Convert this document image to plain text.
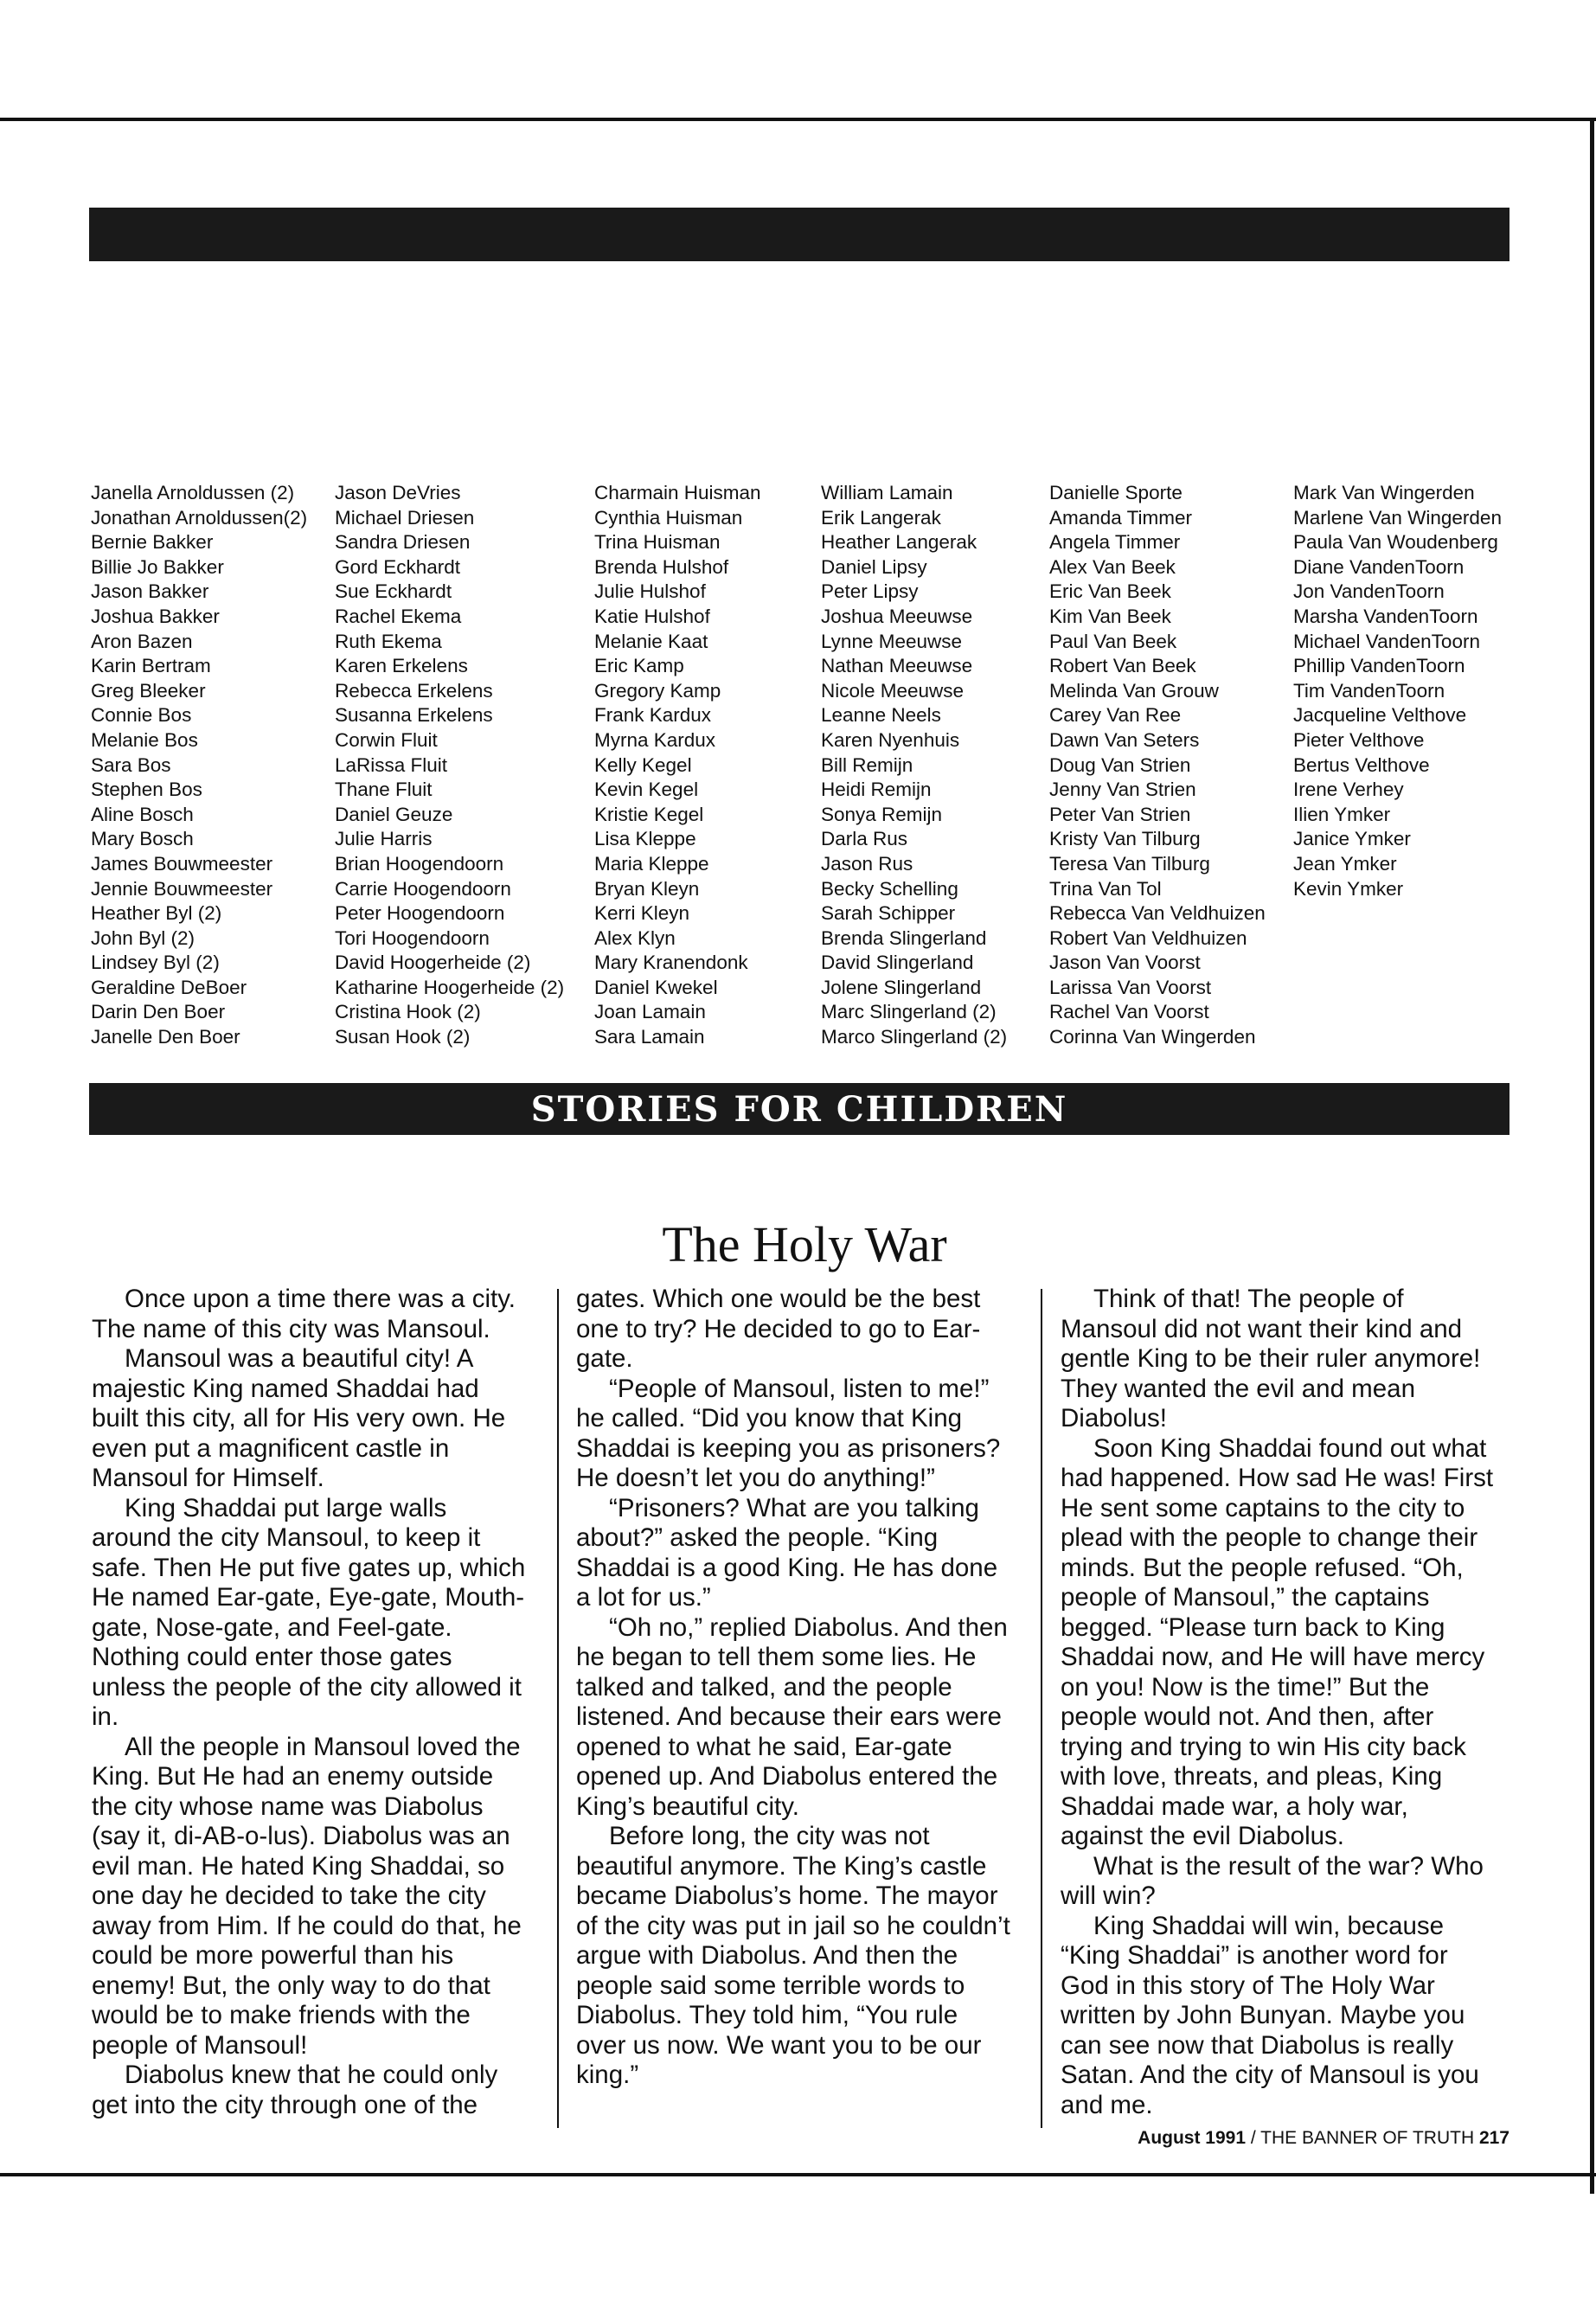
Janella Arnoldussen (2)
Jonathan Arnoldussen(2)
Bernie Bakker
Billie Jo Bakker
Jason Bakker
Joshua Bakker
Aron Bazen
Karin Bertram
Greg Bleeker
Connie Bos
Melanie Bos
Sara Bos
Stephen Bos
Aline Bosch
Mary Bosch
James Bouwmeester
Jennie Bouwmeester
Heather Byl (2)
John Byl (2)
Lindsey Byl (2)
Geraldine DeBoer
Darin Den Boer
Janelle Den Boer
Jason DeVries
Michael Driesen
Sandra Driesen
Gord Eckhardt
Sue Eckhardt
Rachel Ekema
Ruth Ekema
Karen Erkelens
Rebecca Erkelens
Susanna Erkelens
Corwin Fluit
LaRissa Fluit
Thane Fluit
Daniel Geuze
Julie Harris
Brian Hoogendoorn
Carrie Hoogendoorn
Peter Hoogendoorn
Tori Hoogendoorn
David Hoogerheide (2)
Katharine Hoogerheide (2)
Cristina Hook (2)
Susan Hook (2)
Charmain Huisman
Cynthia Huisman
Trina Huisman
Brenda Hulshof
Julie Hulshof
Katie Hulshof
Melanie Kaat
Eric Kamp
Gregory Kamp
Frank Kardux
Myrna Kardux
Kelly Kegel
Kevin Kegel
Kristie Kegel
Lisa Kleppe
Maria Kleppe
Bryan Kleyn
Kerri Kleyn
Alex Klyn
Mary Kranendonk
Daniel Kwekel
Joan Lamain
Sara Lamain
William Lamain
Erik Langerak
Heather Langerak
Daniel Lipsy
Peter Lipsy
Joshua Meeuwse
Lynne Meeuwse
Nathan Meeuwse
Nicole Meeuwse
Leanne Neels
Karen Nyenhuis
Bill Remijn
Heidi Remijn
Sonya Remijn
Darla Rus
Jason Rus
Becky Schelling
Sarah Schipper
Brenda Slingerland
David Slingerland
Jolene Slingerland
Marc Slingerland (2)
Marco Slingerland (2)
Danielle Sporte
Amanda Timmer
Angela Timmer
Alex Van Beek
Eric Van Beek
Kim Van Beek
Paul Van Beek
Robert Van Beek
Melinda Van Grouw
Carey Van Ree
Dawn Van Seters
Doug Van Strien
Jenny Van Strien
Peter Van Strien
Kristy Van Tilburg
Teresa Van Tilburg
Trina Van Tol
Rebecca Van Veldhuizen
Robert Van Veldhuizen
Jason Van Voorst
Larissa Van Voorst
Rachel Van Voorst
Corinna Van Wingerden
Mark Van Wingerden
Marlene Van Wingerden
Paula Van Woudenberg
Diane VandenToorn
Jon VandenToorn
Marsha VandenToorn
Michael VandenToorn
Phillip VandenToorn
Tim VandenToorn
Jacqueline Velthove
Pieter Velthove
Bertus Velthove
Irene Verhey
Ilien Ymker
Janice Ymker
Jean Ymker
Kevin Ymker
STORIES FOR CHILDREN
The Holy War

Once upon a time there was a city. The name of this city was Mansoul.

Mansoul was a beautiful city! A majestic King named Shaddai had built this city, all for His very own. He even put a magnificent castle in Mansoul for Himself.

King Shaddai put large walls around the city Mansoul, to keep it safe. Then He put five gates up, which He named Ear-gate, Eye-gate, Mouth-gate, Nose-gate, and Feel-gate. Nothing could enter those gates unless the people of the city allowed it in.

All the people in Mansoul loved the King. But He had an enemy outside the city whose name was Diabolus (say it, di-AB-o-lus). Diabolus was an evil man. He hated King Shaddai, so one day he decided to take the city away from Him. If he could do that, he could be more powerful than his enemy! But, the only way to do that would be to make friends with the people of Mansoul!

Diabolus knew that he could only get into the city through one of the

gates. Which one would be the best one to try? He decided to go to Ear-gate.

“People of Mansoul, listen to me!” he called. “Did you know that King Shaddai is keeping you as prisoners? He doesn’t let you do anything!”

“Prisoners? What are you talking about?” asked the people. “King Shaddai is a good King. He has done a lot for us.”

“Oh no,” replied Diabolus. And then he began to tell them some lies. He talked and talked, and the people listened. And because their ears were opened to what he said, Ear-gate opened up. And Diabolus entered the King’s beautiful city.

Before long, the city was not beautiful anymore. The King’s castle became Diabolus’s home. The mayor of the city was put in jail so he couldn’t argue with Diabolus. And then the people said some terrible words to Diabolus. They told him, “You rule over us now. We want you to be our king.”

Think of that! The people of Mansoul did not want their kind and gentle King to be their ruler anymore! They wanted the evil and mean Diabolus!

Soon King Shaddai found out what had happened. How sad He was! First He sent some captains to the city to plead with the people to change their minds. But the people refused. “Oh, people of Mansoul,” the captains begged. “Please turn back to King Shaddai now, and He will have mercy on you! Now is the time!” But the people would not. And then, after trying and trying to win His city back with love, threats, and pleas, King Shaddai made war, a holy war, against the evil Diabolus.

What is the result of the war? Who will win?

King Shaddai will win, because “King Shaddai” is another word for God in this story of The Holy War written by John Bunyan. Maybe you can see now that Diabolus is really Satan. And the city of Mansoul is you and me.

August 1991 / THE BANNER OF TRUTH 217
